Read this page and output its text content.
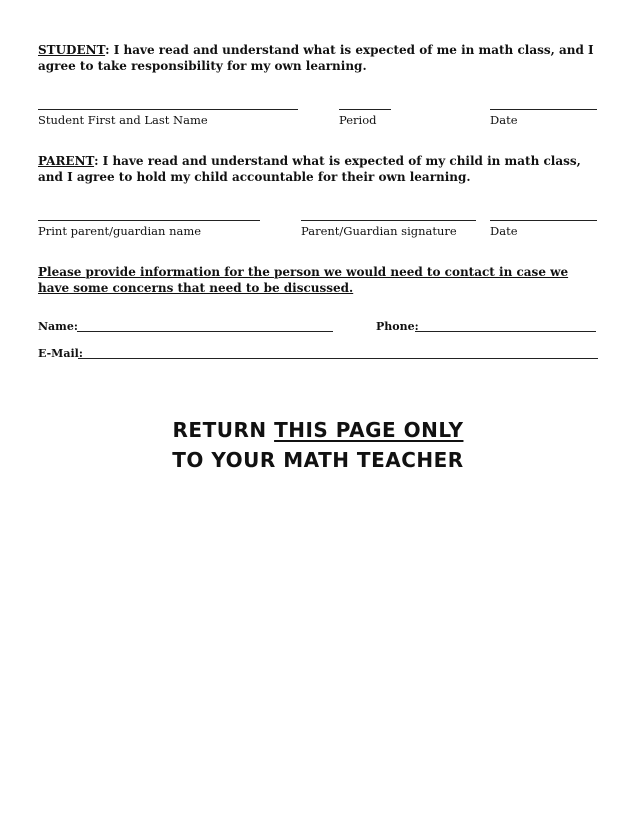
STUDENT: I have read and understand what is expected of me in math class, and I agree to take responsibility for my own learning.

Student First and Last Name	Period	Date

PARENT: I have read and understand what is expected of my child in math class, and I agree to hold my child accountable for their own learning.

Print parent/guardian name	Parent/Guardian signature	Date

Please provide information for the person we would need to contact in case we have some concerns that need to be discussed.

Name:	Phone:
E-Mail:
RETURN THIS PAGE ONLY
TO YOUR MATH TEACHER
